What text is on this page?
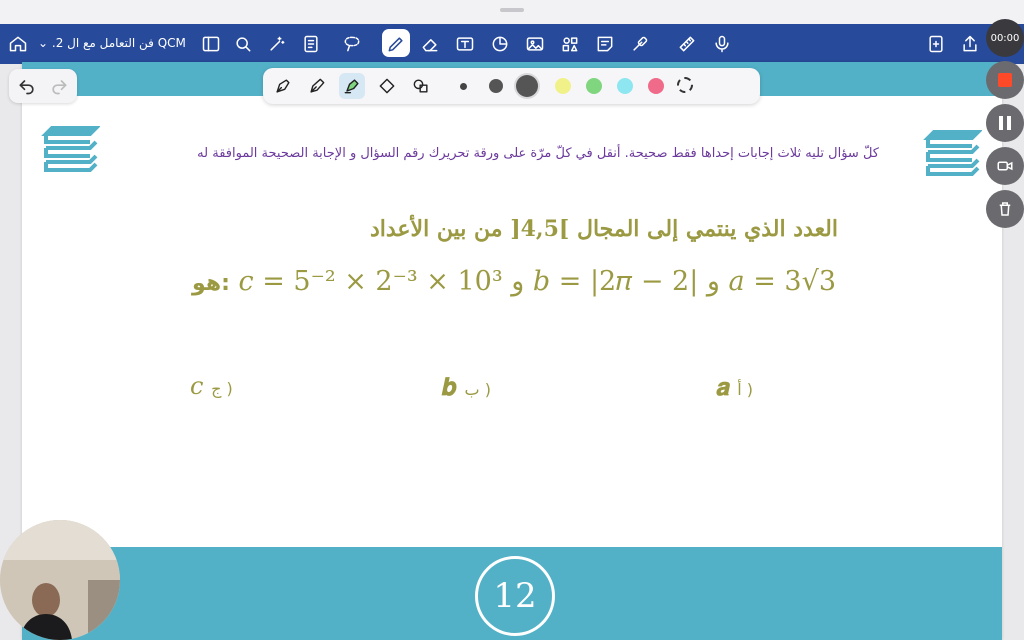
QCM فن التعامل مع ال 2. ⌄	00:00
كلّ سؤال تليه ثلاث إجابات إحداها فقط صحيحة. أنقل في كلّ مرّة على ورقة تحريرك رقم السؤال و الإجابة الصحيحة الموافقة له
العدد الذي ينتمي إلى المجال ]4,5[ من بين الأعداد
هو: 𝑐 = 5⁻² × 2⁻³ × 10³ و 𝑏 = |2𝜋 − 2| و 𝑎 = 3√3
𝒂 أ )
𝒃 ب )
𝑐 ج )
12
